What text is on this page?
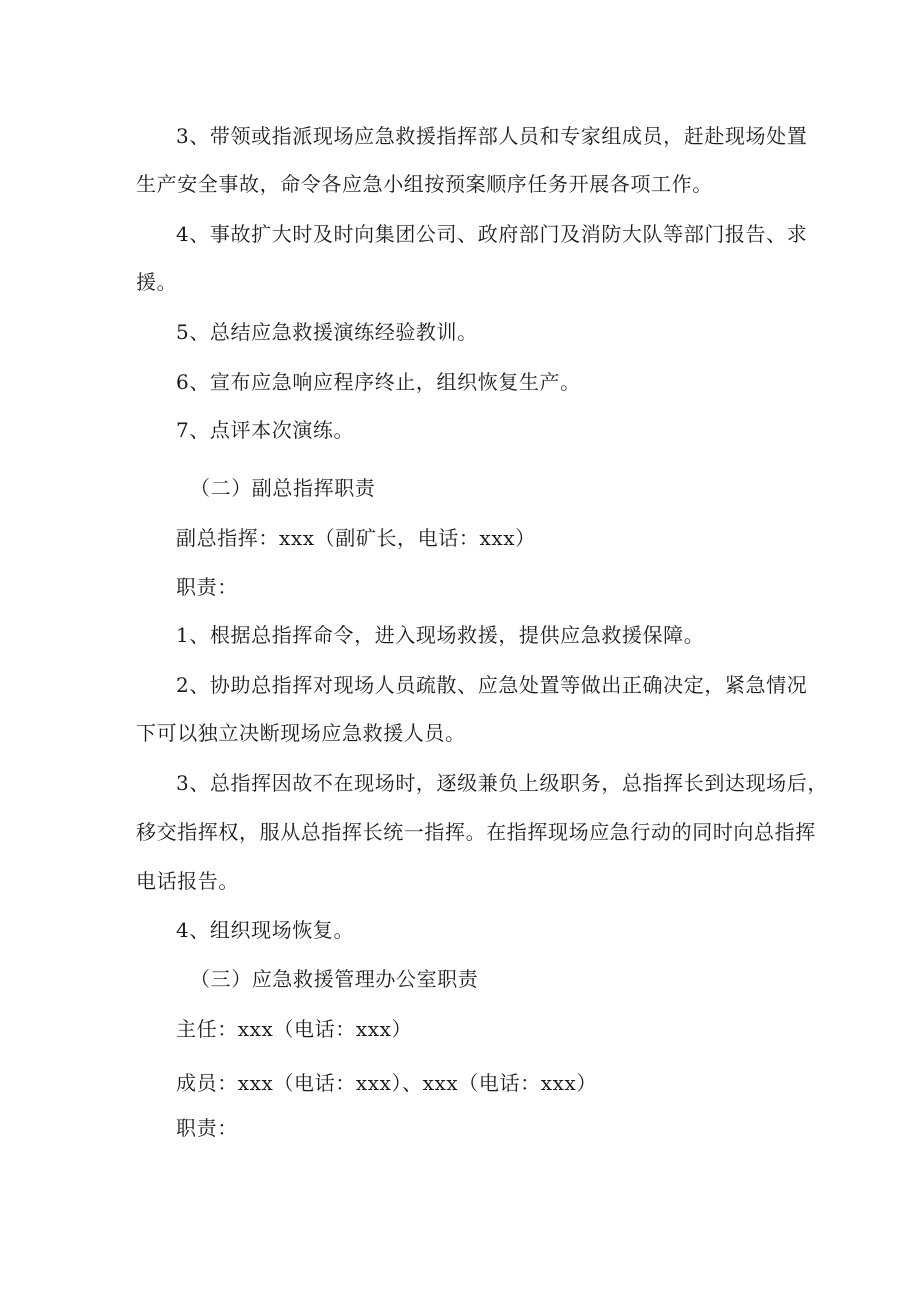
3、带领或指派现场应急救援指挥部人员和专家组成员，赶赴现场处置
生产安全事故，命令各应急小组按预案顺序任务开展各项工作。
4、事故扩大时及时向集团公司、政府部门及消防大队等部门报告、求
援。
5、总结应急救援演练经验教训。
6、宣布应急响应程序终止，组织恢复生产。
7、点评本次演练。
（二）副总指挥职责
副总指挥：xxx（副矿长，电话：xxx）
职责：
1、根据总指挥命令，进入现场救援，提供应急救援保障。
2、协助总指挥对现场人员疏散、应急处置等做出正确决定，紧急情况
下可以独立决断现场应急救援人员。
3、总指挥因故不在现场时，逐级兼负上级职务，总指挥长到达现场后，
移交指挥权，服从总指挥长统一指挥。在指挥现场应急行动的同时向总指挥
电话报告。
4、组织现场恢复。
（三）应急救援管理办公室职责
主任：xxx（电话：xxx）
成员：xxx（电话：xxx）、xxx（电话：xxx）
职责：
